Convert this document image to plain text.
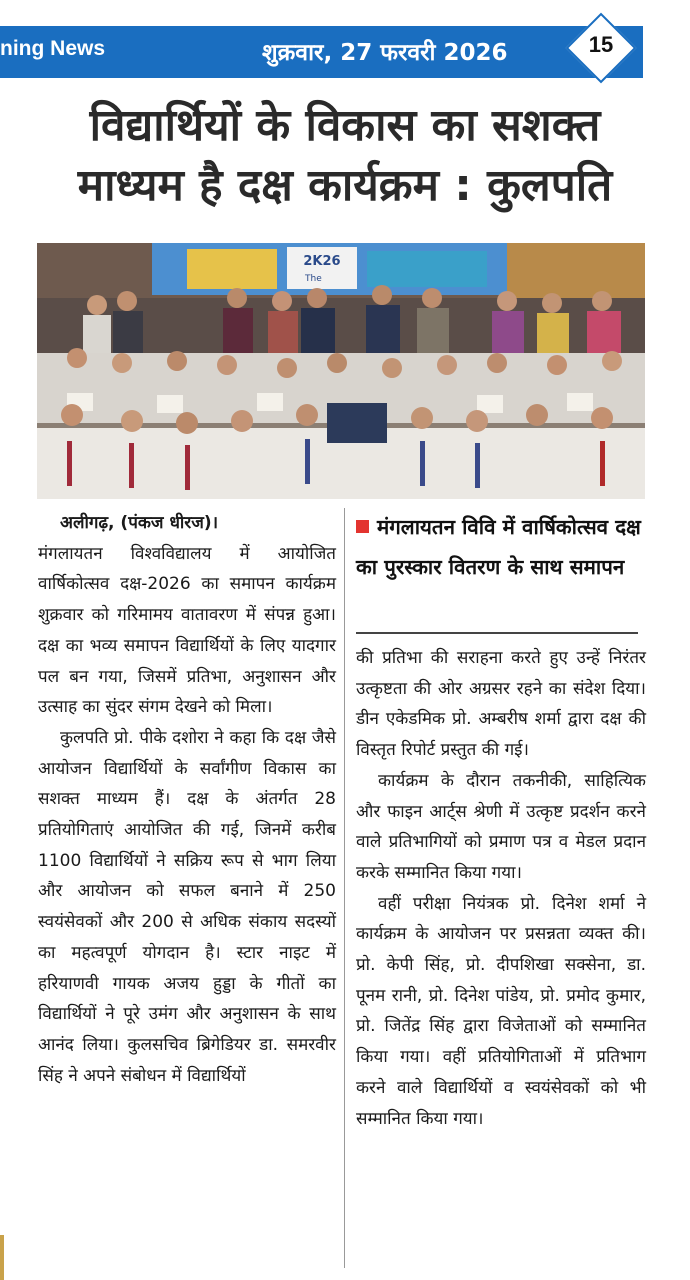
ning News	शुक्रवार, 27 फरवरी 2026	15
विद्यार्थियों के विकास का सशक्त
माध्यम है दक्ष कार्यक्रम : कुलपति
2K26
The

अलीगढ़, (पंकज धीरज)।

मंगलायतन विश्वविद्यालय में आयोजित वार्षिकोत्सव दक्ष-2026 का समापन कार्यक्रम शुक्रवार को गरिमामय वातावरण में संपन्न हुआ। दक्ष का भव्य समापन विद्यार्थियों के लिए यादगार पल बन गया, जिसमें प्रतिभा, अनुशासन और उत्साह का सुंदर संगम देखने को मिला।

कुलपति प्रो. पीके दशोरा ने कहा कि दक्ष जैसे आयोजन विद्यार्थियों के सर्वांगीण विकास का सशक्त माध्यम हैं। दक्ष के अंतर्गत 28 प्रतियोगिताएं आयोजित की गई, जिनमें करीब 1100 विद्यार्थियों ने सक्रिय रूप से भाग लिया और आयोजन को सफल बनाने में 250 स्वयंसेवकों और 200 से अधिक संकाय सदस्यों का महत्वपूर्ण योगदान है। स्टार नाइट में हरियाणवी गायक अजय हुड्डा के गीतों का विद्यार्थियों ने पूरे उमंग और अनुशासन के साथ आनंद लिया। कुलसचिव ब्रिगेडियर डा. समरवीर सिंह ने अपने संबोधन में विद्यार्थियों

मंगलायतन विवि में वार्षिकोत्सव दक्ष का पुरस्कार वितरण के साथ समापन

की प्रतिभा की सराहना करते हुए उन्हें निरंतर उत्कृष्टता की ओर अग्रसर रहने का संदेश दिया। डीन एकेडमिक प्रो. अम्बरीष शर्मा द्वारा दक्ष की विस्तृत रिपोर्ट प्रस्तुत की गई।

कार्यक्रम के दौरान तकनीकी, साहित्यिक और फाइन आर्ट्स श्रेणी में उत्कृष्ट प्रदर्शन करने वाले प्रतिभागियों को प्रमाण पत्र व मेडल प्रदान करके सम्मानित किया गया।

वहीं परीक्षा नियंत्रक प्रो. दिनेश शर्मा ने कार्यक्रम के आयोजन पर प्रसन्नता व्यक्त की। प्रो. केपी सिंह, प्रो. दीपशिखा सक्सेना, डा. पूनम रानी, प्रो. दिनेश पांडेय, प्रो. प्रमोद कुमार, प्रो. जितेंद्र सिंह द्वारा विजेताओं को सम्मानित किया गया। वहीं प्रतियोगिताओं में प्रतिभाग करने वाले विद्यार्थियों व स्वयंसेवकों को भी सम्मानित किया गया।
